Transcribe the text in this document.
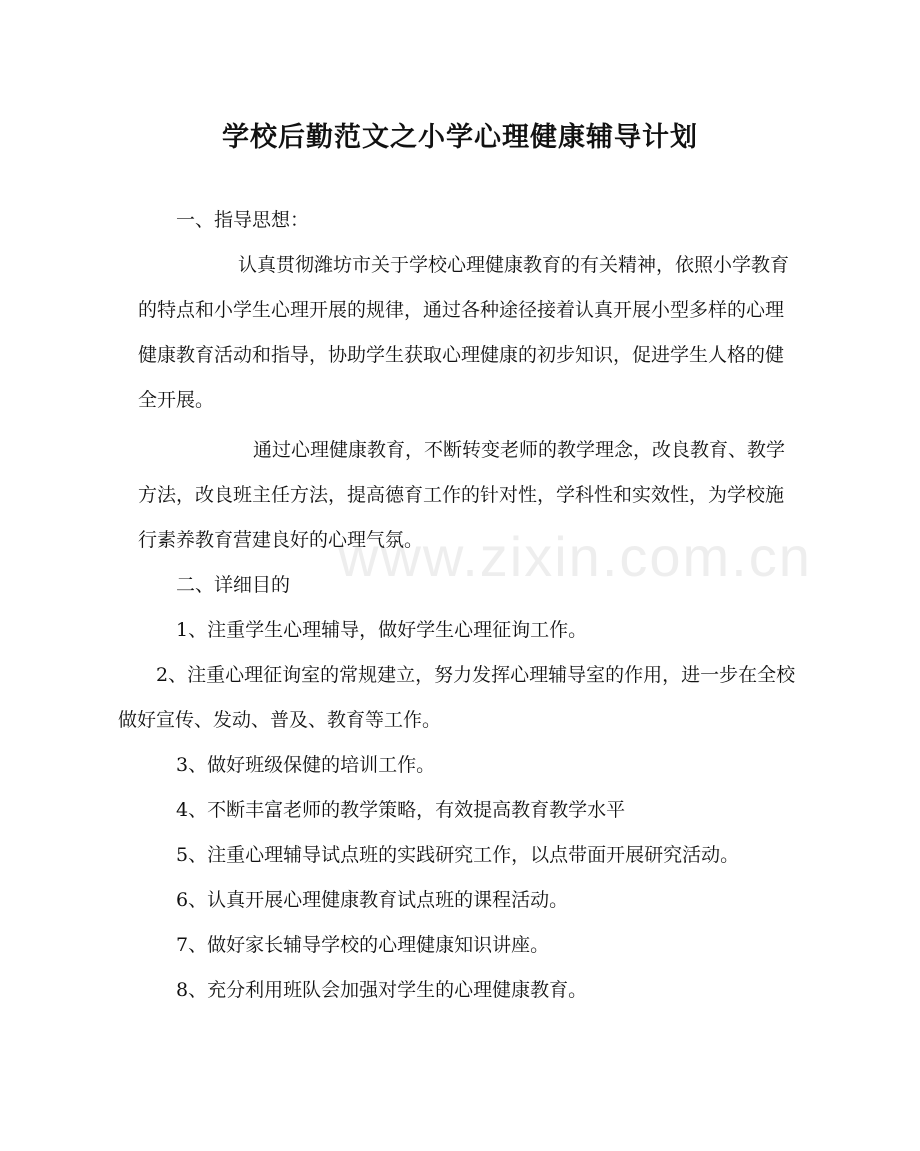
学校后勤范文之小学心理健康辅导计划

一、指导思想：

认真贯彻潍坊市关于学校心理健康教育的有关精神，依照小学教育的特点和小学生心理开展的规律，通过各种途径接着认真开展小型多样的心理健康教育活动和指导，协助学生获取心理健康的初步知识，促进学生人格的健全开展。

通过心理健康教育，不断转变老师的教学理念，改良教育、教学方法，改良班主任方法，提高德育工作的针对性，学科性和实效性，为学校施行素养教育营建良好的心理气氛。

二、详细目的

1、注重学生心理辅导，做好学生心理征询工作。

2、注重心理征询室的常规建立，努力发挥心理辅导室的作用，进一步在全校做好宣传、发动、普及、教育等工作。

3、做好班级保健的培训工作。

4、不断丰富老师的教学策略，有效提高教育教学水平

5、注重心理辅导试点班的实践研究工作，以点带面开展研究活动。

6、认真开展心理健康教育试点班的课程活动。

7、做好家长辅导学校的心理健康知识讲座。

8、充分利用班队会加强对学生的心理健康教育。

www.zixin.com.cn
